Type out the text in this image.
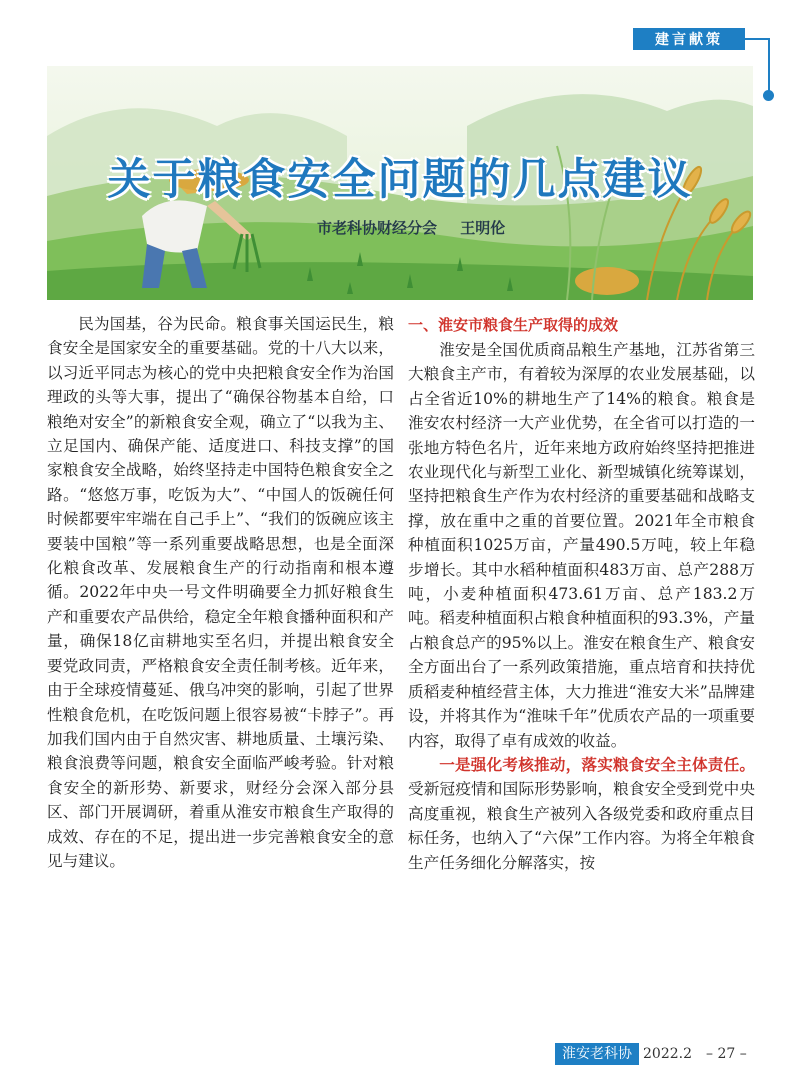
建言献策
关于粮食安全问题的几点建议
市老科协财经分会 王明伦

民为国基，谷为民命。粮食事关国运民生，粮食安全是国家安全的重要基础。党的十八大以来，以习近平同志为核心的党中央把粮食安全作为治国理政的头等大事，提出了“确保谷物基本自给，口粮绝对安全”的新粮食安全观，确立了“以我为主、立足国内、确保产能、适度进口、科技支撑”的国家粮食安全战略，始终坚持走中国特色粮食安全之路。“悠悠万事，吃饭为大”、“中国人的饭碗任何时候都要牢牢端在自己手上”、“我们的饭碗应该主要装中国粮”等一系列重要战略思想，也是全面深化粮食改革、发展粮食生产的行动指南和根本遵循。2022年中央一号文件明确要全力抓好粮食生产和重要农产品供给，稳定全年粮食播种面积和产量，确保18亿亩耕地实至名归，并提出粮食安全要党政同责，严格粮食安全责任制考核。近年来，由于全球疫情蔓延、俄乌冲突的影响，引起了世界性粮食危机，在吃饭问题上很容易被“卡脖子”。再加我们国内由于自然灾害、耕地质量、土壤污染、粮食浪费等问题，粮食安全面临严峻考验。针对粮食安全的新形势、新要求，财经分会深入部分县区、部门开展调研，着重从淮安市粮食生产取得的成效、存在的不足，提出进一步完善粮食安全的意见与建议。

一、淮安市粮食生产取得的成效

淮安是全国优质商品粮生产基地，江苏省第三大粮食主产市，有着较为深厚的农业发展基础，以占全省近10%的耕地生产了14%的粮食。粮食是淮安农村经济一大产业优势，在全省可以打造的一张地方特色名片，近年来地方政府始终坚持把推进农业现代化与新型工业化、新型城镇化统筹谋划，坚持把粮食生产作为农村经济的重要基础和战略支撑，放在重中之重的首要位置。2021年全市粮食种植面积1025万亩，产量490.5万吨，较上年稳步增长。其中水稻种植面积483万亩、总产288万吨，小麦种植面积473.61万亩、总产183.2万吨。稻麦种植面积占粮食种植面积的93.3%，产量占粮食总产的95%以上。淮安在粮食生产、粮食安全方面出台了一系列政策措施，重点培育和扶持优质稻麦种植经营主体，大力推进“淮安大米”品牌建设，并将其作为“淮味千年”优质农产品的一项重要内容，取得了卓有成效的收益。

一是强化考核推动，落实粮食安全主体责任。受新冠疫情和国际形势影响，粮食安全受到党中央高度重视，粮食生产被列入各级党委和政府重点目标任务，也纳入了“六保”工作内容。为将全年粮食生产任务细化分解落实，按

淮安老科协 2022.2 – 27 –
